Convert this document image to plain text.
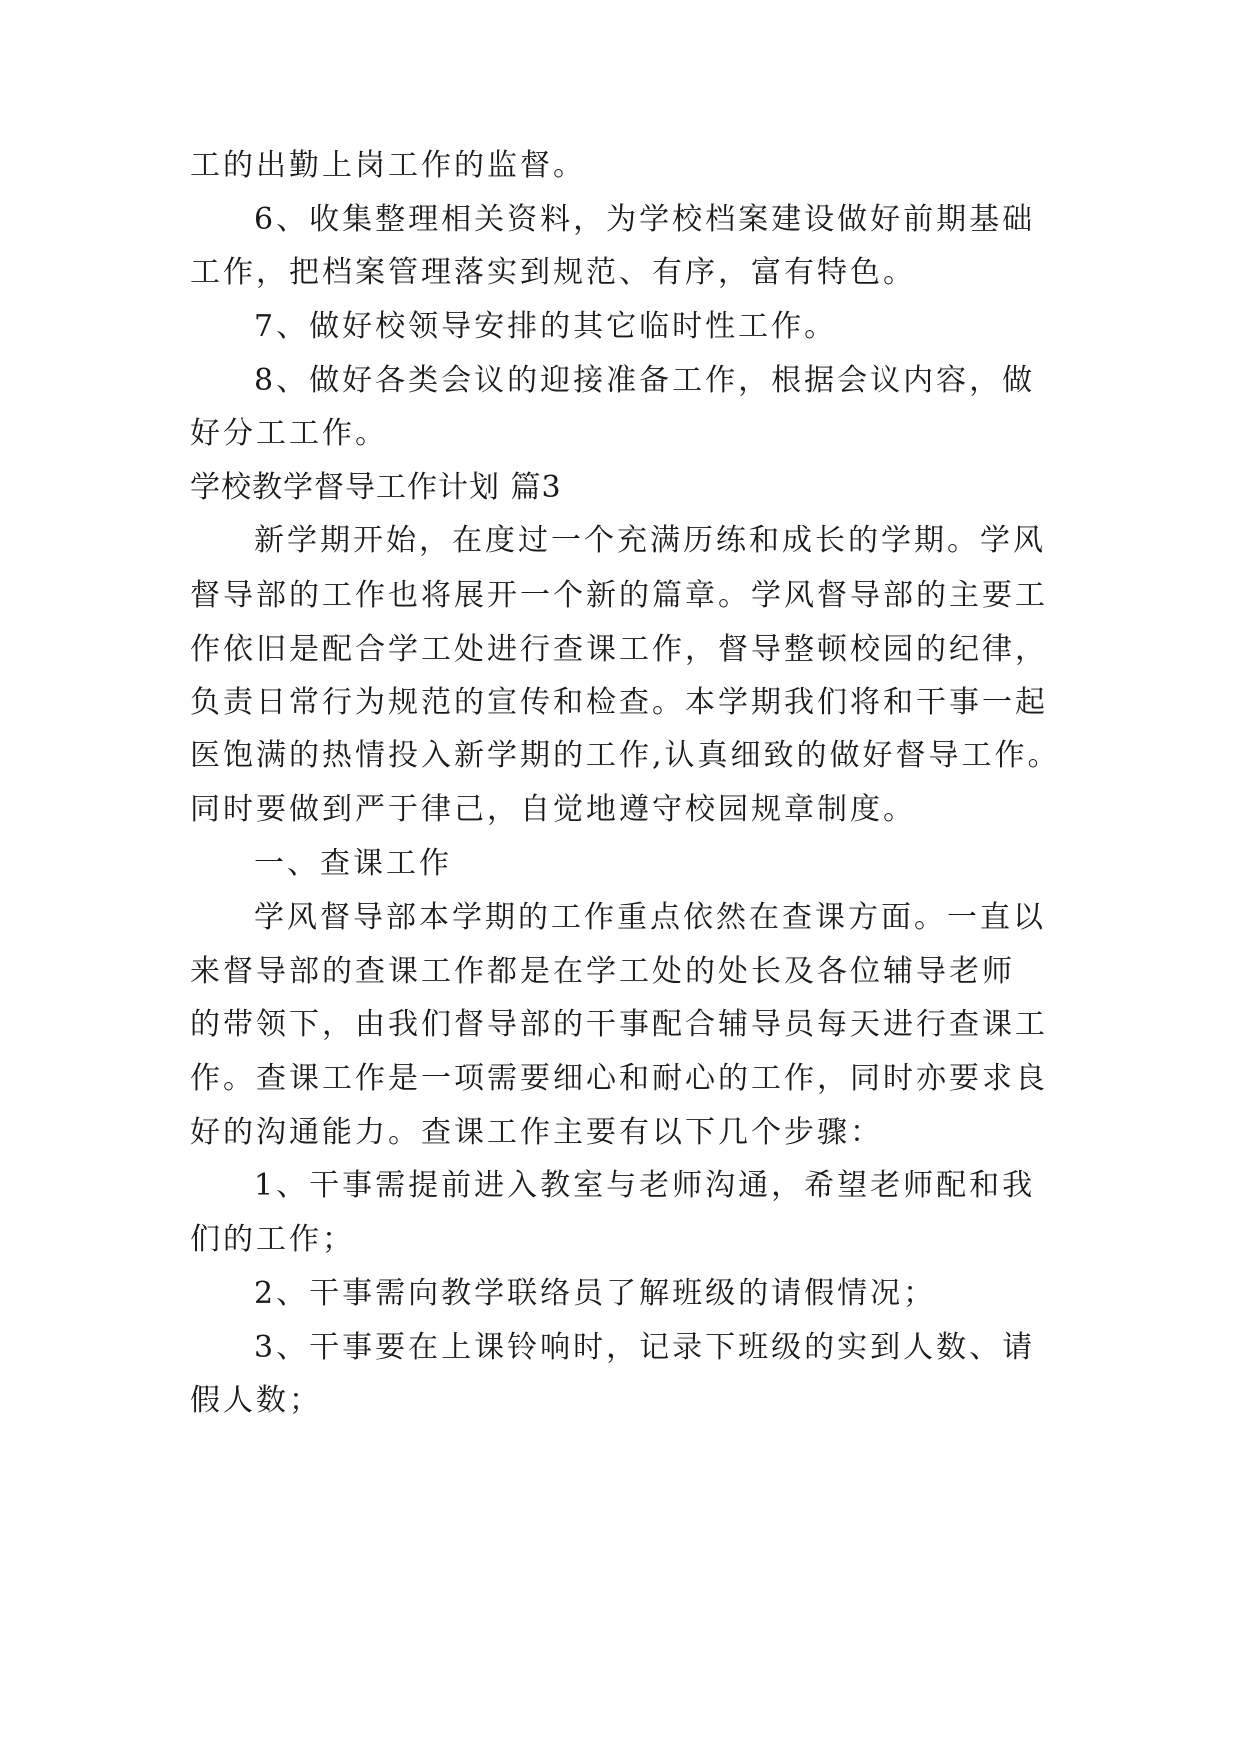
工的出勤上岗工作的监督。
6、收集整理相关资料，为学校档案建设做好前期基础
工作，把档案管理落实到规范、有序，富有特色。
7、做好校领导安排的其它临时性工作。
8、做好各类会议的迎接准备工作，根据会议内容，做
好分工工作。
学校教学督导工作计划 篇3
新学期开始，在度过一个充满历练和成长的学期。学风
督导部的工作也将展开一个新的篇章。学风督导部的主要工
作依旧是配合学工处进行查课工作，督导整顿校园的纪律，
负责日常行为规范的宣传和检查。本学期我们将和干事一起
医饱满的热情投入新学期的工作,认真细致的做好督导工作。
同时要做到严于律己，自觉地遵守校园规章制度。
一、查课工作
学风督导部本学期的工作重点依然在查课方面。一直以
来督导部的查课工作都是在学工处的处长及各位辅导老师
的带领下，由我们督导部的干事配合辅导员每天进行查课工
作。查课工作是一项需要细心和耐心的工作，同时亦要求良
好的沟通能力。查课工作主要有以下几个步骤：
1、干事需提前进入教室与老师沟通，希望老师配和我
们的工作；
2、干事需向教学联络员了解班级的请假情况；
3、干事要在上课铃响时，记录下班级的实到人数、请
假人数；
